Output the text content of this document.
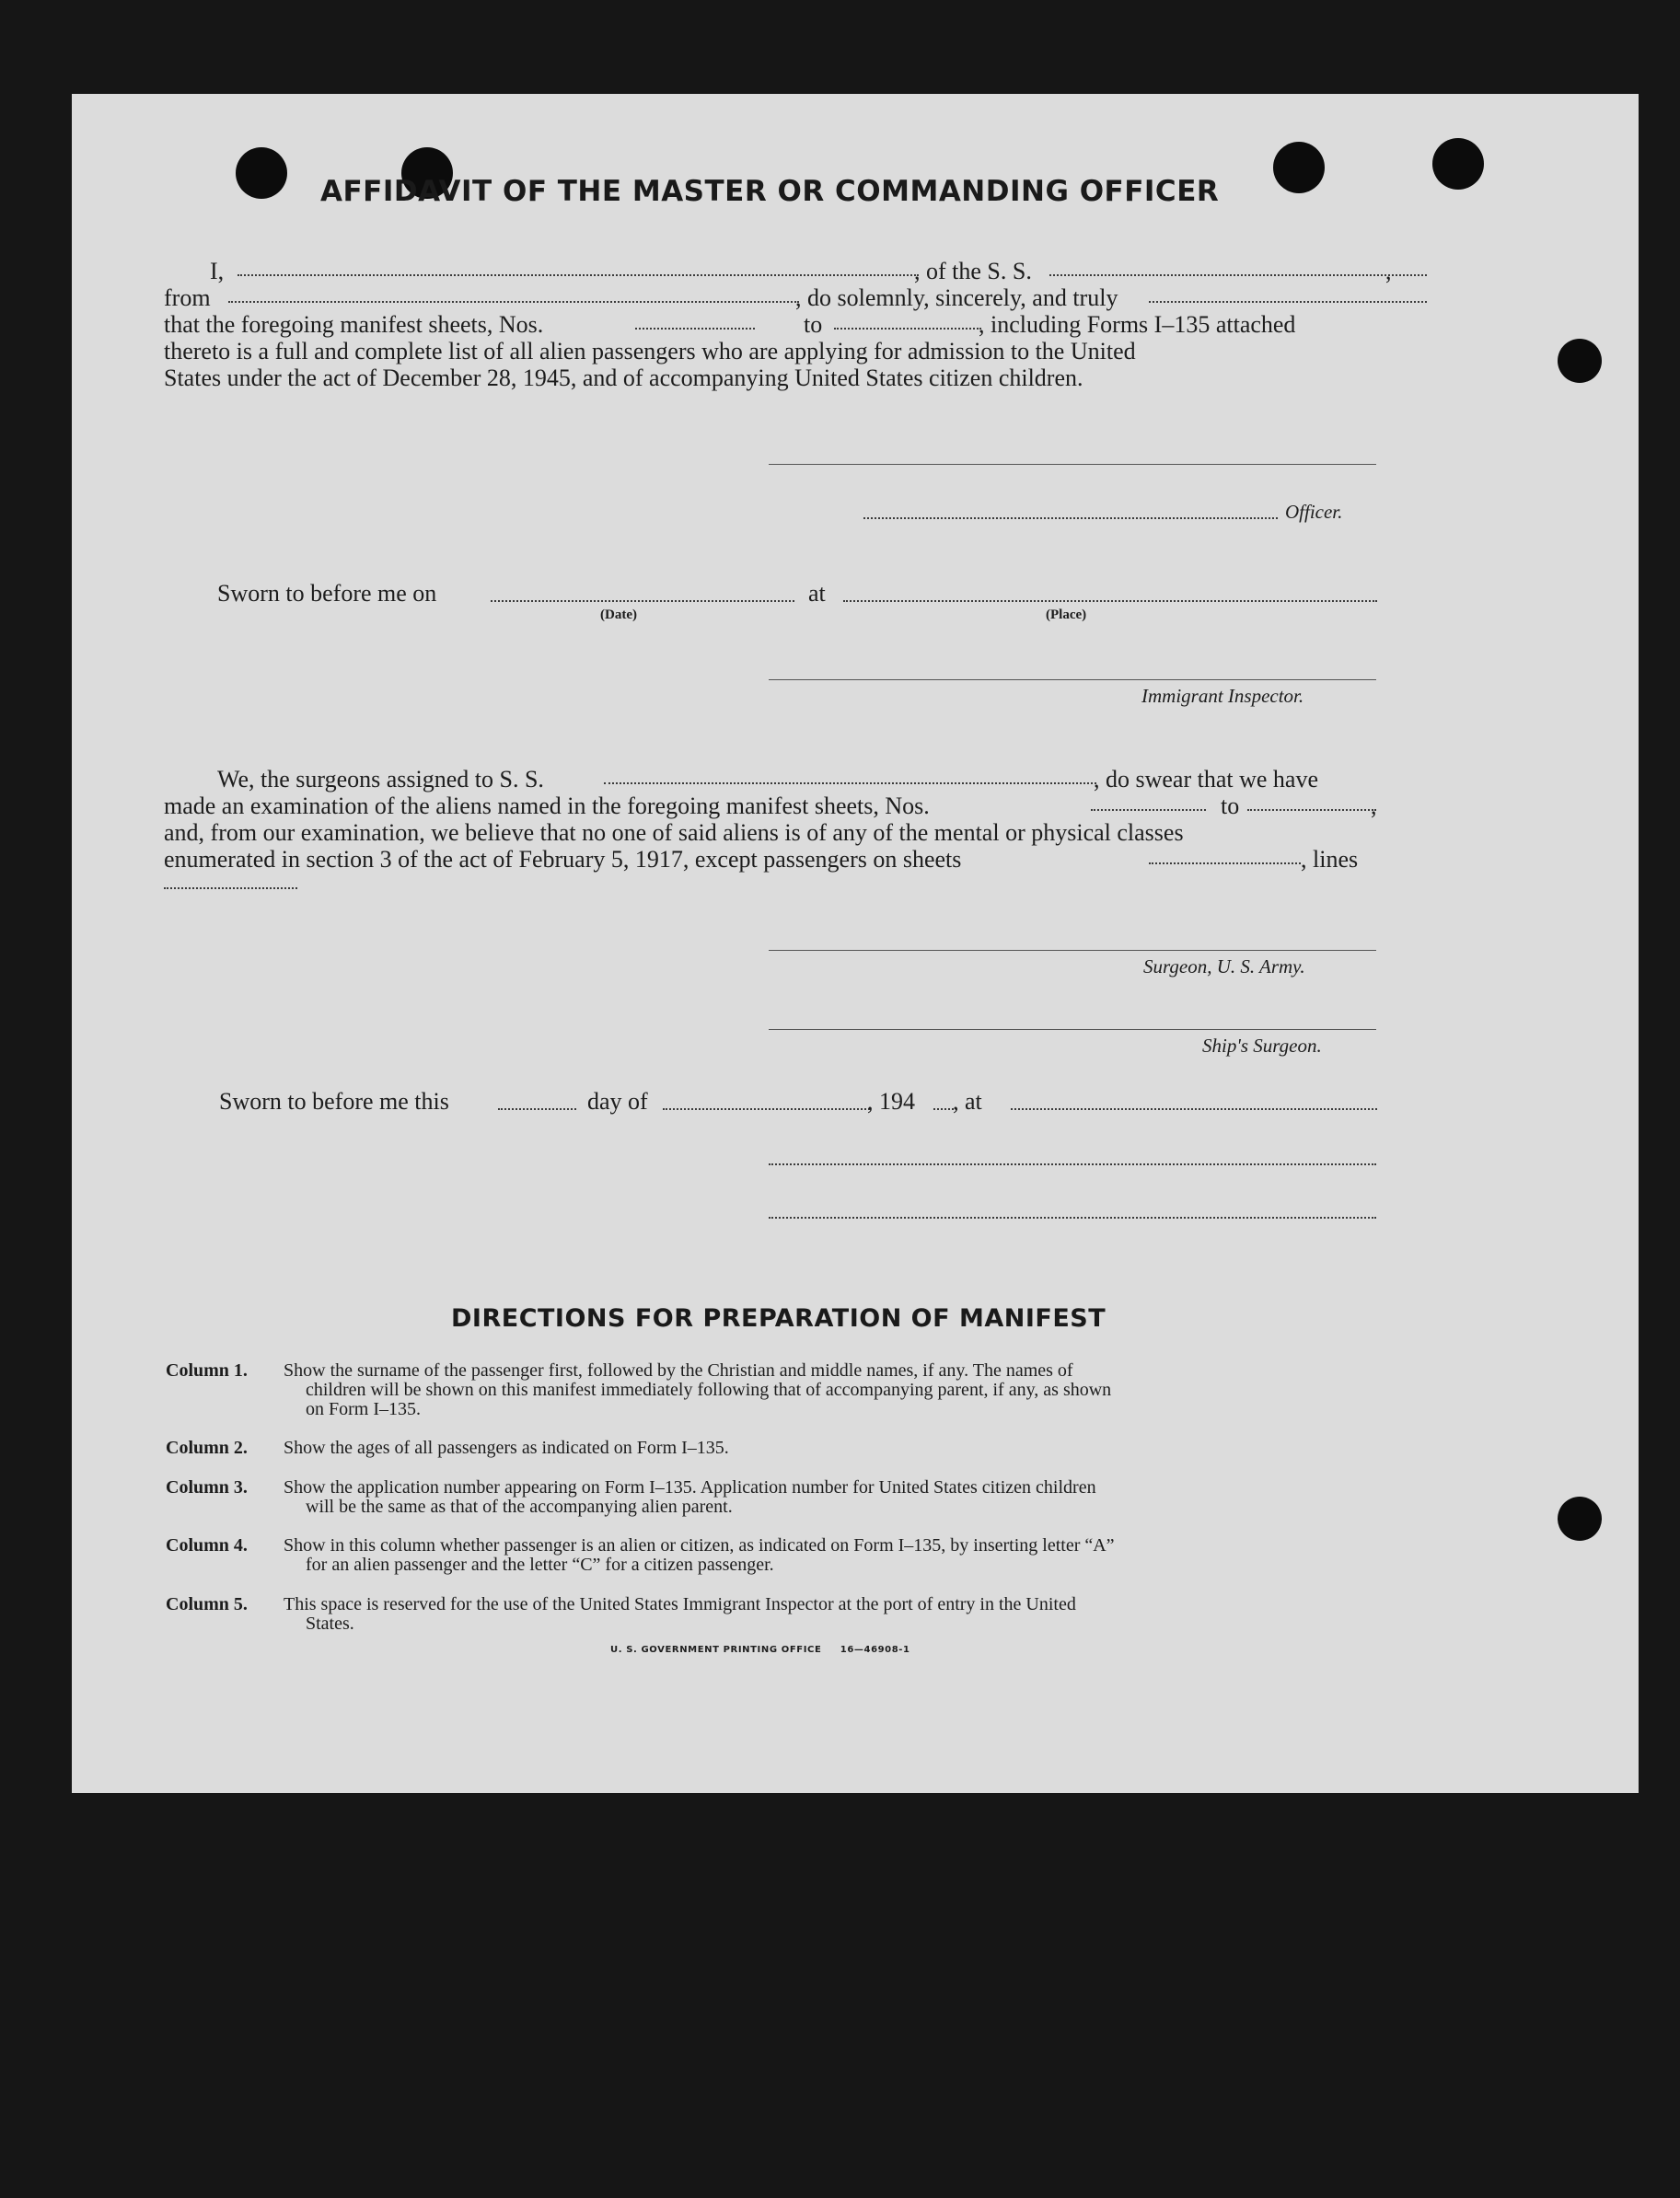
AFFIDAVIT OF THE MASTER OR COMMANDING OFFICER
I,	, of the S. S.	,
from	, do solemnly, sincerely, and truly
that the foregoing manifest sheets, Nos.	to	, including Forms I–135 attached
thereto is a full and complete list of all alien passengers who are applying for admission to the United
States under the act of December 28, 1945, and of accompanying United States citizen children.
Officer.
Sworn to before me on
(Date)
at
(Place)
Immigrant Inspector.
We, the surgeons assigned to S. S.	, do swear that we have
made an examination of the aliens named in the foregoing manifest sheets, Nos.	to	,
and, from our examination, we believe that no one of said aliens is of any of the mental or physical classes
enumerated in section 3 of the act of February 5, 1917, except passengers on sheets	, lines
Surgeon, U. S. Army.
Ship's Surgeon.
Sworn to before me this	day of	, 194 , at
DIRECTIONS FOR PREPARATION OF MANIFEST
Column 1. Show the surname of the passenger first, followed by the Christian and middle names, if any. The names of
children will be shown on this manifest immediately following that of accompanying parent, if any, as shown
on Form I–135.
Column 2. Show the ages of all passengers as indicated on Form I–135.
Column 3. Show the application number appearing on Form I–135. Application number for United States citizen children
will be the same as that of the accompanying alien parent.
Column 4. Show in this column whether passenger is an alien or citizen, as indicated on Form I–135, by inserting letter “A”
for an alien passenger and the letter “C” for a citizen passenger.
Column 5. This space is reserved for the use of the United States Immigrant Inspector at the port of entry in the United
States.
U. S. GOVERNMENT PRINTING OFFICE     16—46908-1
